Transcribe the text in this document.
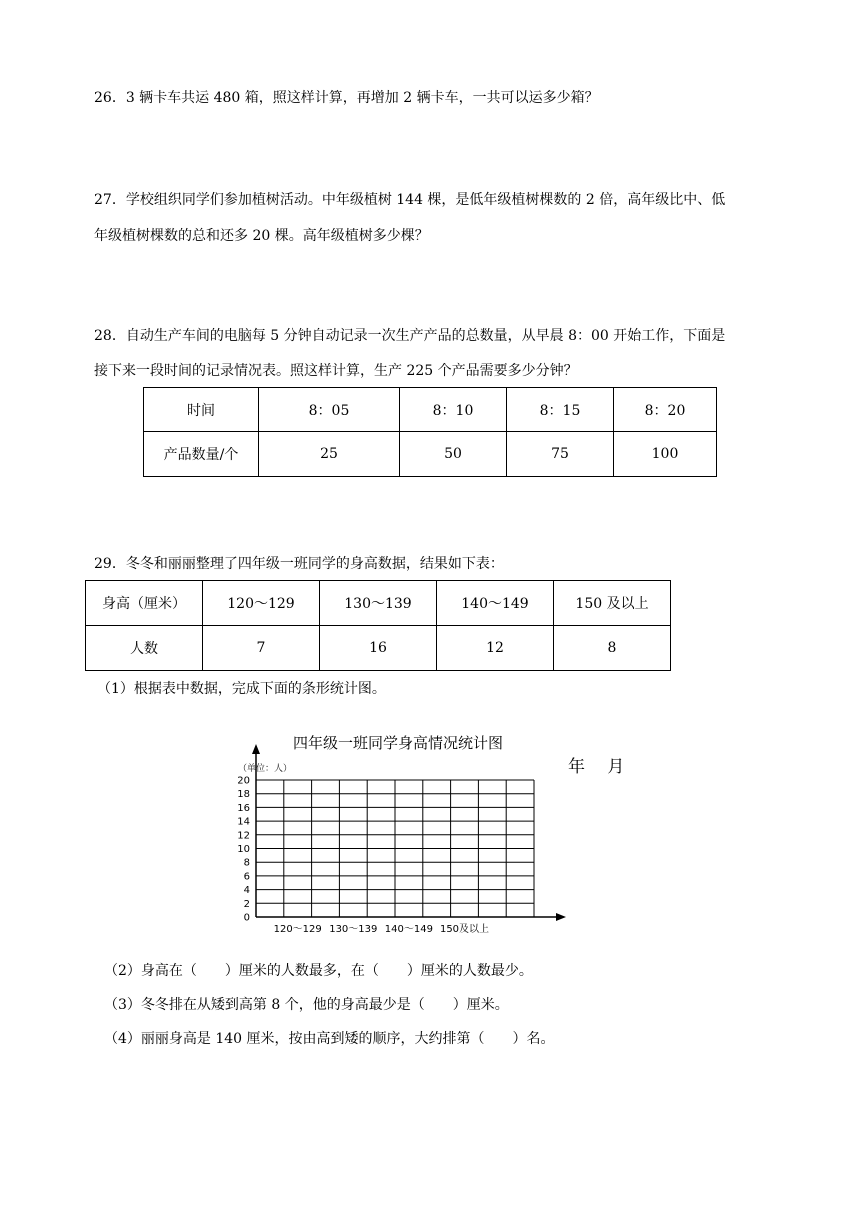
26．3 辆卡车共运 480 箱，照这样计算，再增加 2 辆卡车，一共可以运多少箱？
27．学校组织同学们参加植树活动。中年级植树 144 棵，是低年级植树棵数的 2 倍，高年级比中、低
年级植树棵数的总和还多 20 棵。高年级植树多少棵？
28．自动生产车间的电脑每 5 分钟自动记录一次生产产品的总数量，从早晨 8：00 开始工作，下面是
接下来一段时间的记录情况表。照这样计算，生产 225 个产品需要多少分钟？
时间	8：05	8：10	8：15	8：20
产品数量/个	25	50	75	100
29．冬冬和丽丽整理了四年级一班同学的身高数据，结果如下表：
身高（厘米）	120～129	130～139	140～149	150 及以上
人数	7	16	12	8
（1）根据表中数据，完成下面的条形统计图。
0
2
4
6
8
10
12
14
16
18
20
120～129 130～139 140～149 150及以上
四年级一班同学身高情况统计图
（单位：人）	年　 月
（2）身高在（　　）厘米的人数最多，在（　　）厘米的人数最少。
（3）冬冬排在从矮到高第 8 个，他的身高最少是（　　）厘米。
（4）丽丽身高是 140 厘米，按由高到矮的顺序，大约排第（　　）名。
